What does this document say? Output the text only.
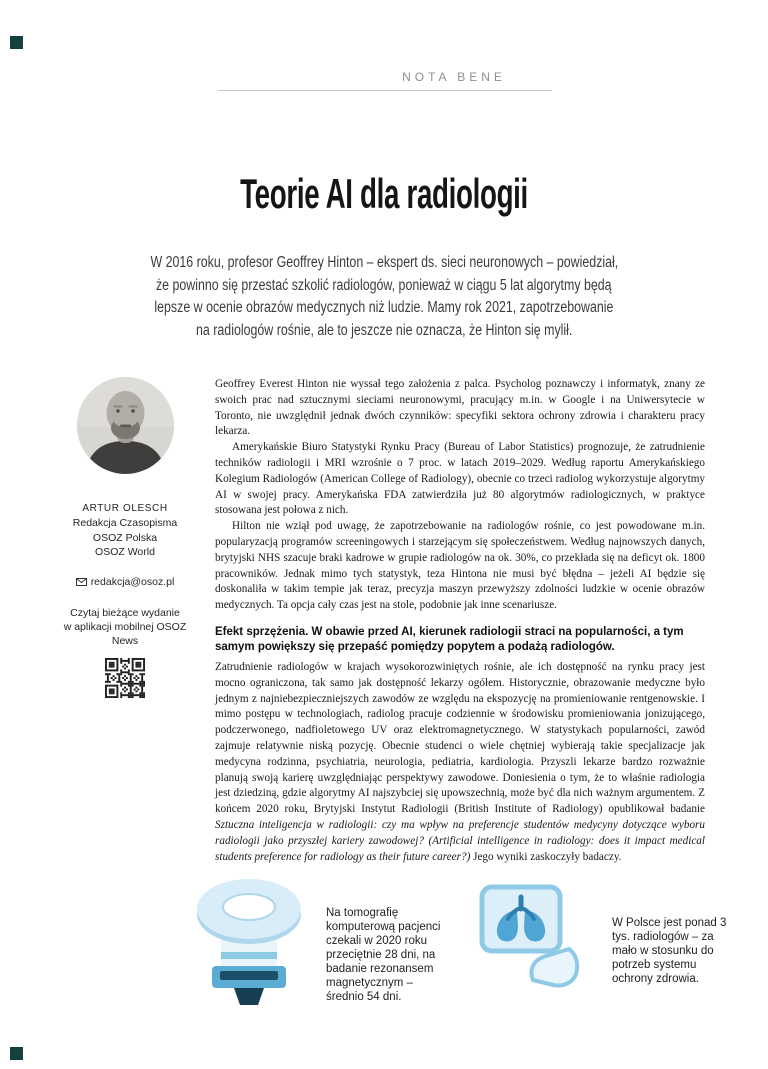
NOTA BENE
Teorie AI dla radiologii
W 2016 roku, profesor Geoffrey Hinton – ekspert ds. sieci neuronowych – powiedział,
że powinno się przestać szkolić radiologów, ponieważ w ciągu 5 lat algorytmy będą
lepsze w ocenie obrazów medycznych niż ludzie. Mamy rok 2021, zapotrzebowanie
na radiologów rośnie, ale to jeszcze nie oznacza, że Hinton się mylił.
ARTUR OLESCH
Redakcja Czasopisma
OSOZ Polska
OSOZ World
redakcja@osoz.pl
Czytaj bieżące wydanie
w aplikacji mobilnej OSOZ News

Geoffrey Everest Hinton nie wyssał tego założenia z palca. Psycholog poznawczy i informatyk, znany ze swoich prac nad sztucznymi sieciami neuronowymi, pracujący m.in. w Google i na Uniwersytecie w Toronto, nie uwzględnił jednak dwóch czynników: specyfiki sektora ochrony zdrowia i charakteru pracy lekarza.

Amerykańskie Biuro Statystyki Rynku Pracy (Bureau of Labor Statistics) prognozuje, że zatrudnienie techników radiologii i MRI wzrośnie o 7 proc. w latach 2019–2029. Według raportu Amerykańskiego Kolegium Radiologów (American College of Radiology), obecnie co trzeci radiolog wykorzystuje algorytmy AI w swojej pracy. Amerykańska FDA zatwierdziła już 80 algorytmów radiologicznych, w praktyce stosowana jest połowa z nich.

Hilton nie wziął pod uwagę, że zapotrzebowanie na radiologów rośnie, co jest powodowane m.in. popularyzacją programów screeningowych i starzejącym się społeczeństwem. Według najnowszych danych, brytyjski NHS szacuje braki kadrowe w grupie radiologów na ok. 30%, co przekłada się na deficyt ok. 1800 pracowników. Jednak mimo tych statystyk, teza Hintona nie musi być błędna – jeżeli AI będzie się doskonaliła w takim tempie jak teraz, precyzja maszyn przewyższy zdolności ludzkie w ocenie obrazów medycznych. Ta opcja cały czas jest na stole, podobnie jak inne scenariusze.

Efekt sprzężenia. W obawie przed AI, kierunek radiologii straci na popularności, a tym samym powiększy się przepaść pomiędzy popytem a podażą radiologów.

Zatrudnienie radiologów w krajach wysokorozwiniętych rośnie, ale ich dostępność na rynku pracy jest mocno ograniczona, tak samo jak dostępność lekarzy ogółem. Historycznie, obrazowanie medyczne było jednym z najniebezpieczniejszych zawodów ze względu na ekspozycję na promieniowanie rentgenowskie. I mimo postępu w technologiach, radiolog pracuje codziennie w środowisku promieniowania jonizującego, podczerwonego, nadfioletowego UV oraz elektromagnetycznego. W statystykach popularności, zawód zajmuje relatywnie niską pozycję. Obecnie studenci o wiele chętniej wybierają takie specjalizacje jak medycyna rodzinna, psychiatria, neurologia, pediatria, kardiologia. Przyszli lekarze bardzo rozważnie planują swoją karierę uwzględniając perspektywy zawodowe. Doniesienia o tym, że to właśnie radiologia jest dziedziną, gdzie algorytmy AI najszybciej się upowszechnią, może być dla nich ważnym argumentem. Z końcem 2020 roku, Brytyjski Instytut Radiologii (British Institute of Radiology) opublikował badanie Sztuczna inteligencja w radiologii: czy ma wpływ na preferencje studentów medycyny dotyczące wyboru radiologii jako przyszłej kariery zawodowej? (Artificial intelligence in radiology: does it impact medical students preference for radiology as their future career?) Jego wyniki zaskoczyły badaczy.

Na tomografię komputerową pacjenci czekali w 2020 roku przeciętnie 28 dni, na badanie rezonansem magnetycznym – średnio 54 dni.
W Polsce jest ponad 3 tys. radiologów – za mało w stosunku do potrzeb systemu ochrony zdrowia.
